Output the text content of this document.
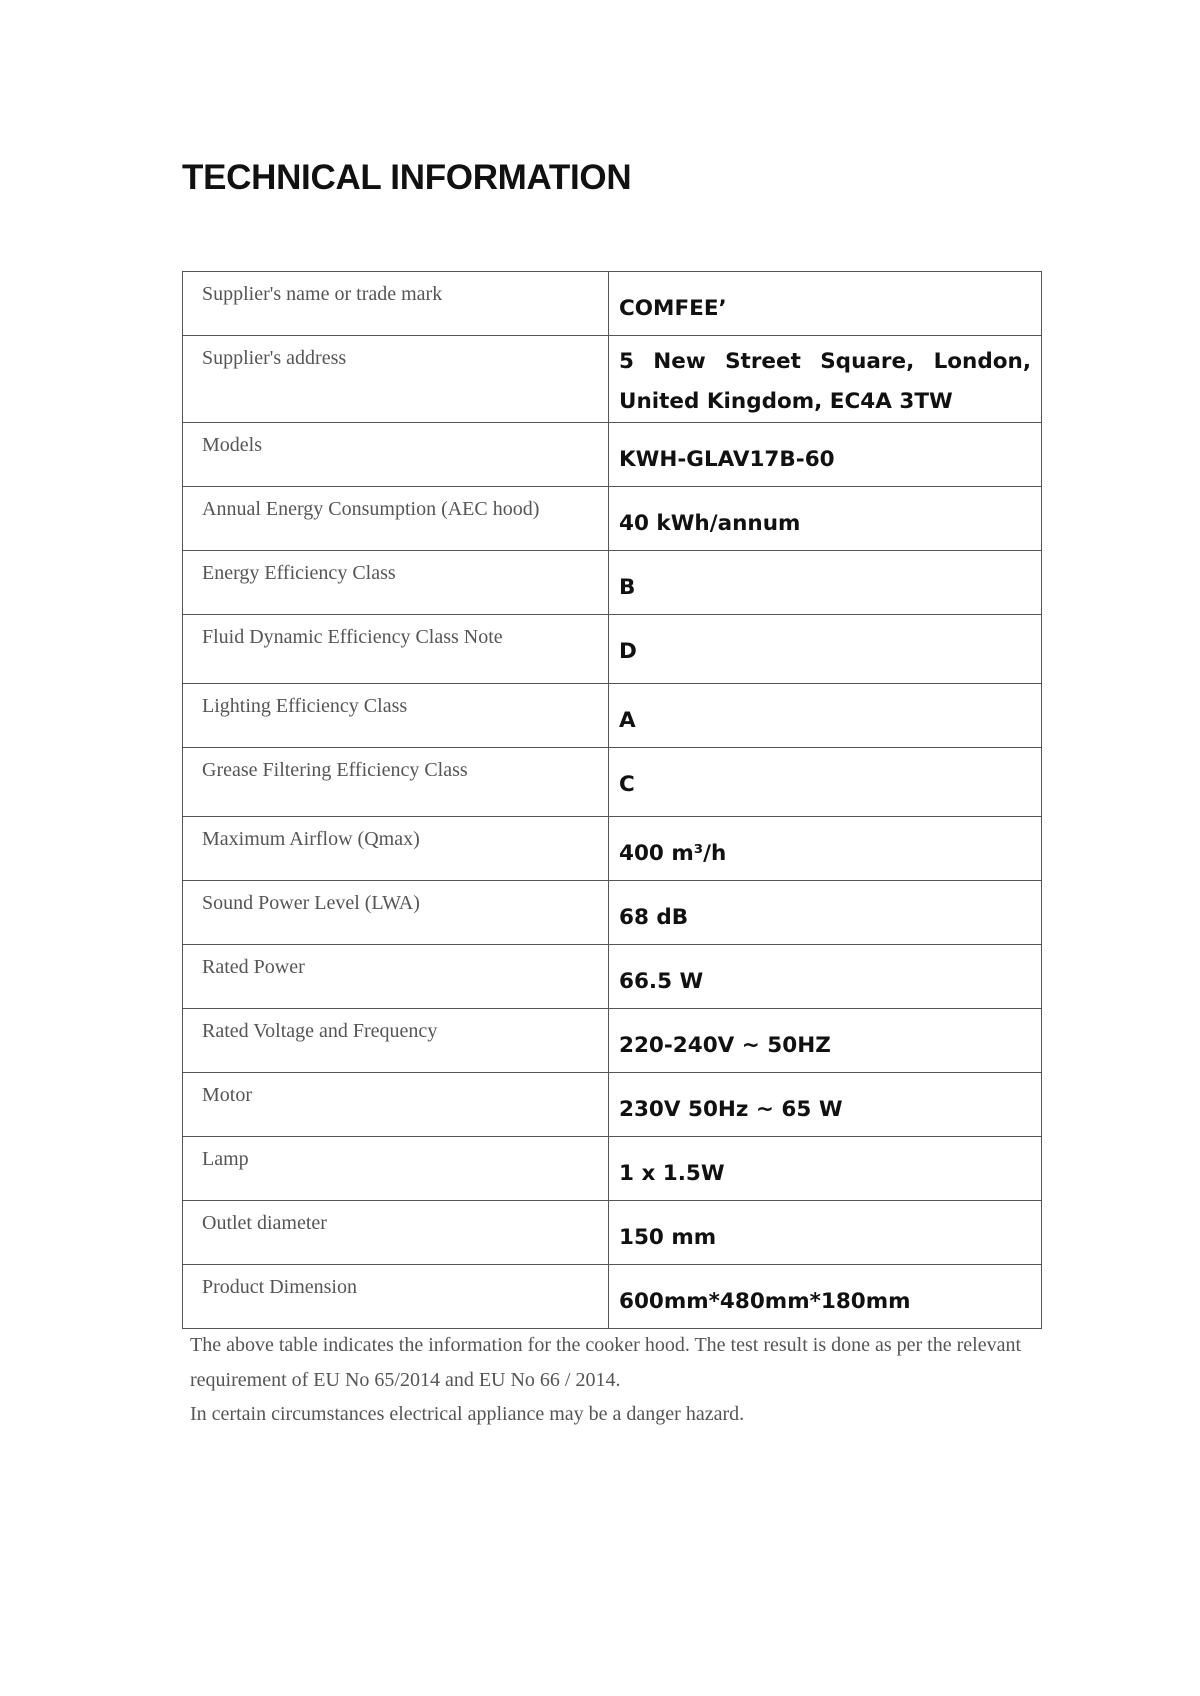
TECHNICAL INFORMATION
Supplier's name or trade mark	COMFEE’
Supplier's address	5 New Street Square, London, United Kingdom, EC4A 3TW
Models	KWH-GLAV17B-60
Annual Energy Consumption (AEC hood)	40 kWh/annum
Energy Efficiency Class	B
Fluid Dynamic Efficiency Class Note	D
Lighting Efficiency Class	A
Grease Filtering Efficiency Class	C
Maximum Airflow (Qmax)	400 m³/h
Sound Power Level (LWA)	68 dB
Rated Power	66.5 W
Rated Voltage and Frequency	220-240V ~ 50HZ
Motor	230V 50Hz ~ 65 W
Lamp	1 x 1.5W
Outlet diameter	150 mm
Product Dimension	600mm*480mm*180mm

The above table indicates the information for the cooker hood. The test result is done as per the relevant requirement of EU No 65/2014 and EU No 66 / 2014.

In certain circumstances electrical appliance may be a danger hazard.
